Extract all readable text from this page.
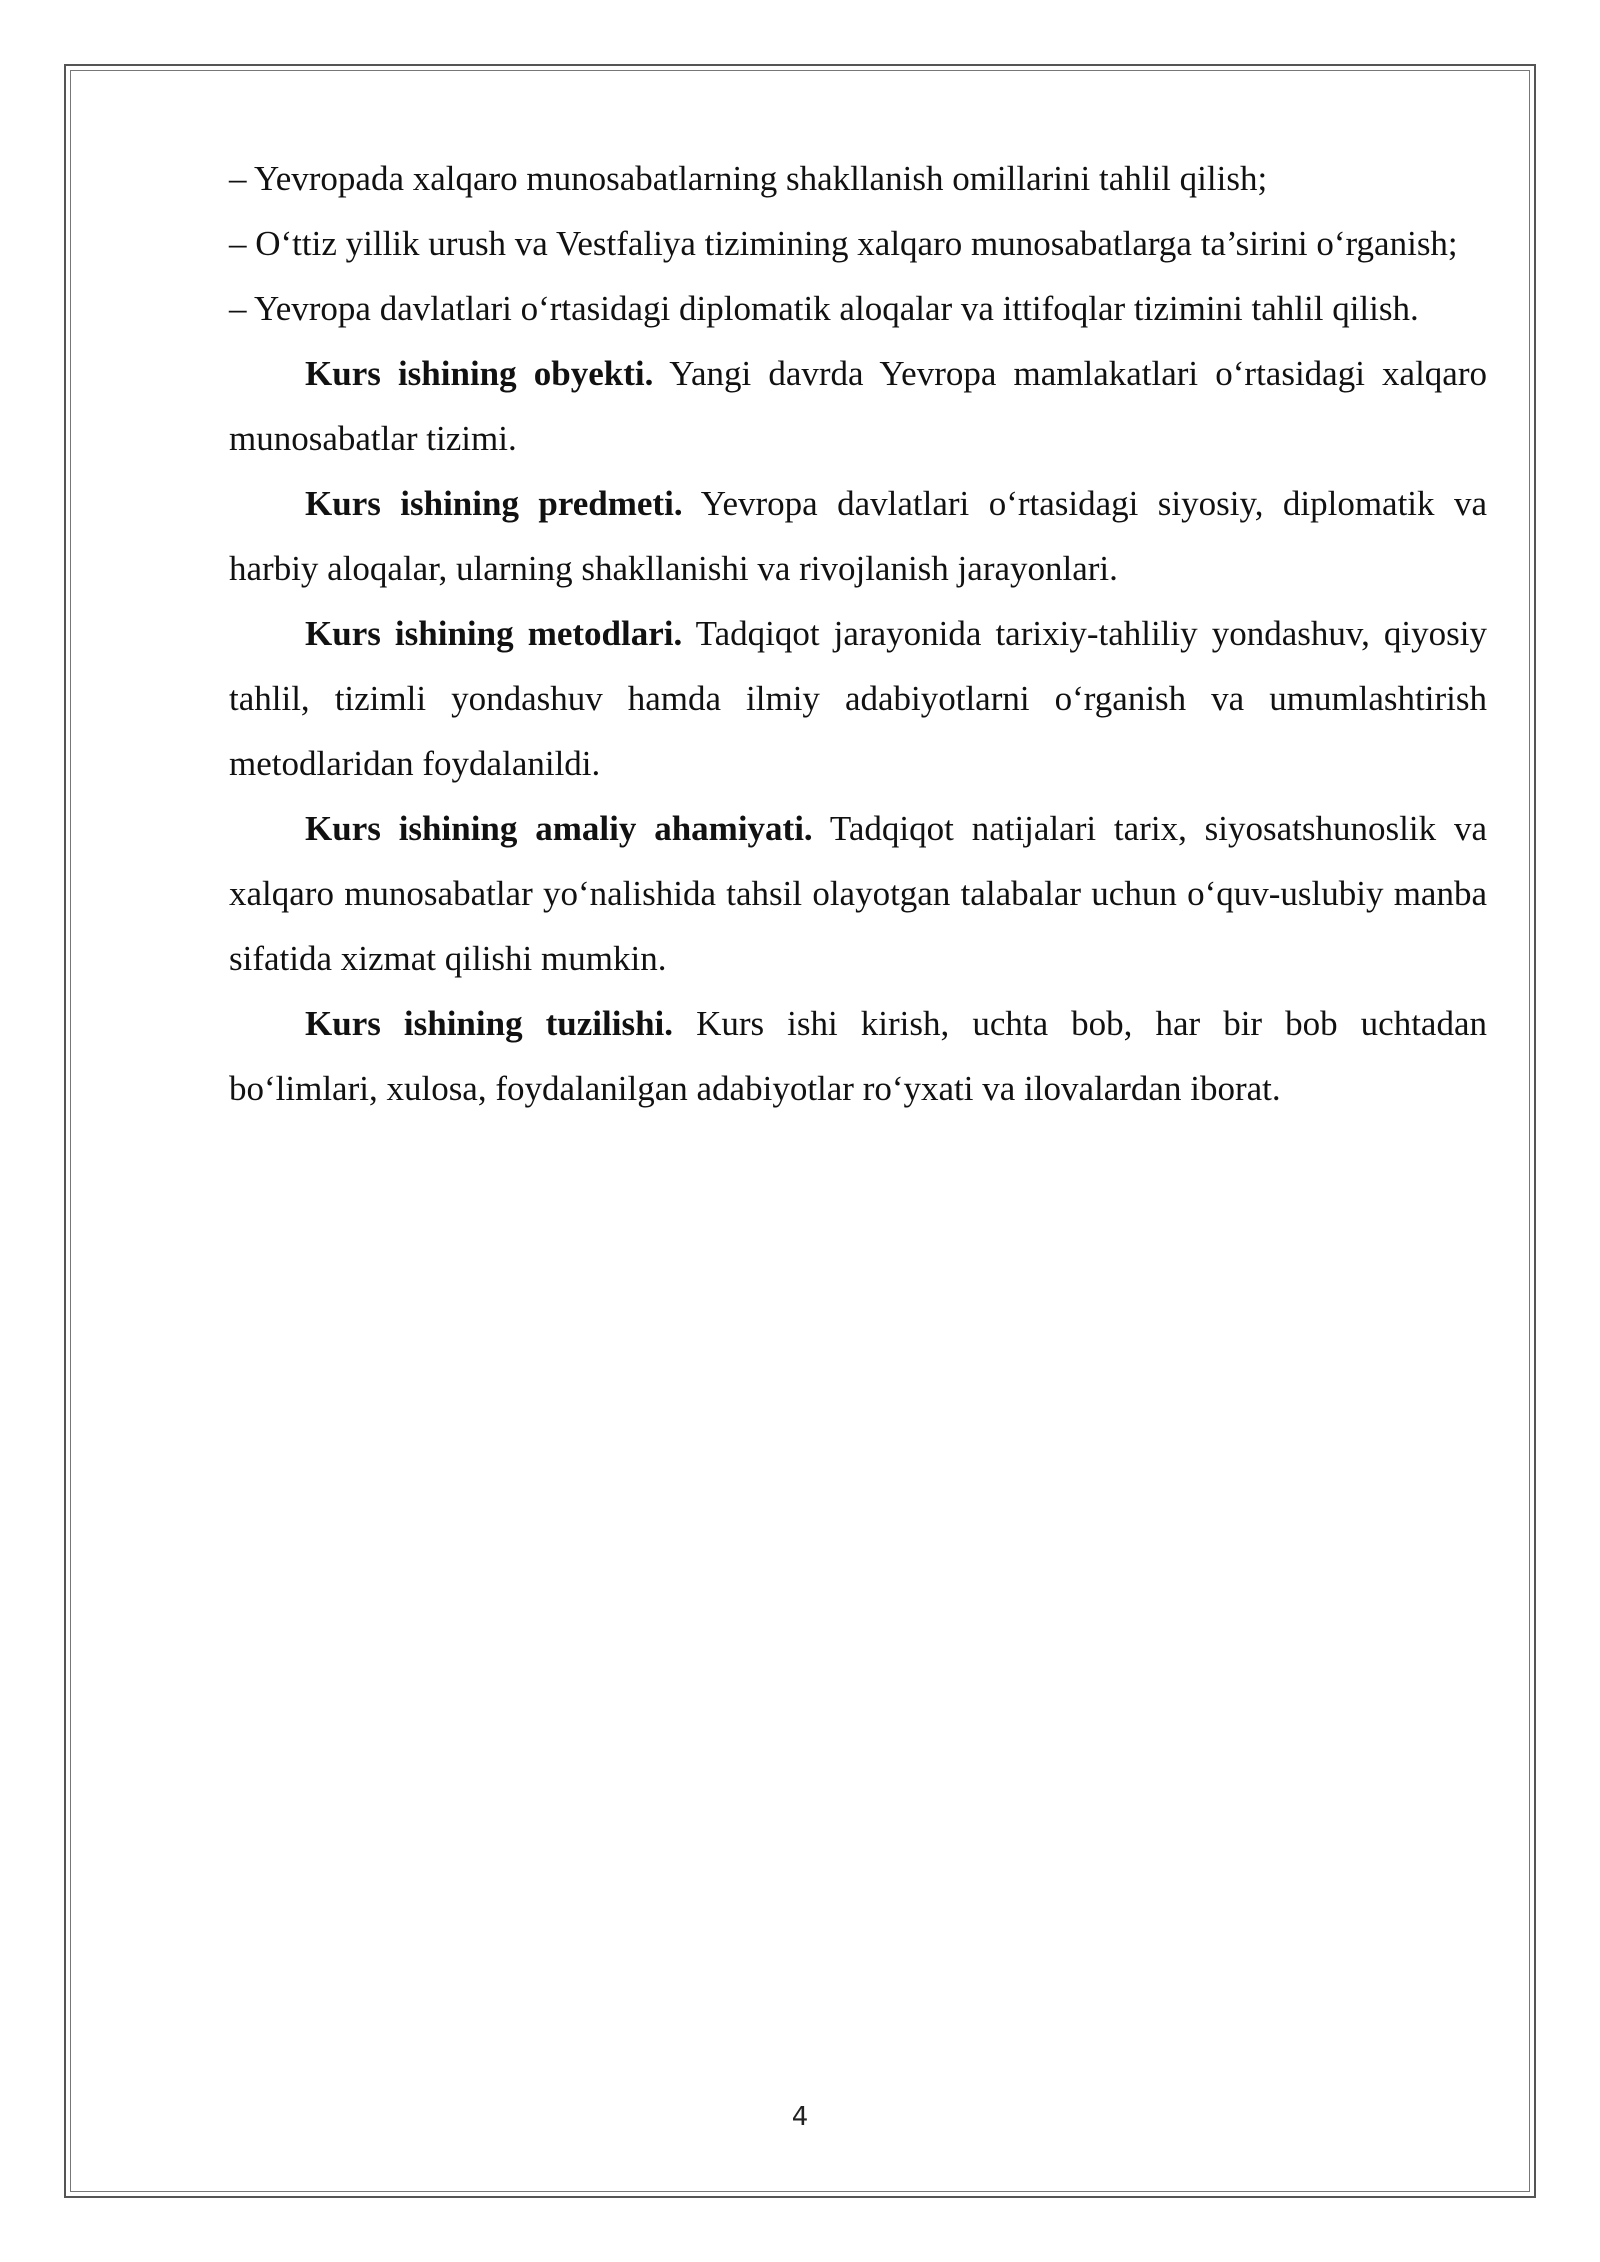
– Yevropada xalqaro munosabatlarning shakllanish omillarini tahlil qilish;

– O‘ttiz yillik urush va Vestfaliya tizimining xalqaro munosabatlarga ta’sirini o‘rganish;

– Yevropa davlatlari o‘rtasidagi diplomatik aloqalar va ittifoqlar tizimini tahlil qilish.

Kurs ishining obyekti. Yangi davrda Yevropa mamlakatlari o‘rtasidagi xalqaro munosabatlar tizimi.

Kurs ishining predmeti. Yevropa davlatlari o‘rtasidagi siyosiy, diplomatik va harbiy aloqalar, ularning shakllanishi va rivojlanish jarayonlari.

Kurs ishining metodlari. Tadqiqot jarayonida tarixiy-tahliliy yondashuv, qiyosiy tahlil, tizimli yondashuv hamda ilmiy adabiyotlarni o‘rganish va umumlashtirish metodlaridan foydalanildi.

Kurs ishining amaliy ahamiyati. Tadqiqot natijalari tarix, siyosatshunoslik va xalqaro munosabatlar yo‘nalishida tahsil olayotgan talabalar uchun o‘quv-uslubiy manba sifatida xizmat qilishi mumkin.

Kurs ishining tuzilishi. Kurs ishi kirish, uchta bob, har bir bob uchtadan bo‘limlari, xulosa, foydalanilgan adabiyotlar ro‘yxati va ilovalardan iborat.

4
